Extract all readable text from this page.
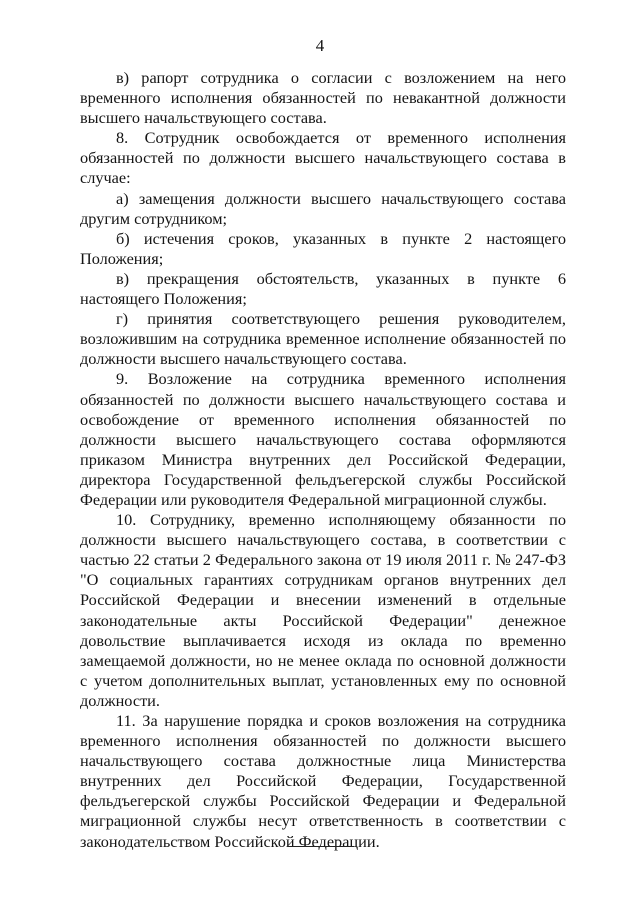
4

в) рапорт сотрудника о согласии с возложением на него временного исполнения обязанностей по невакантной должности высшего начальствующего состава.

8. Сотрудник освобождается от временного исполнения обязанностей по должности высшего начальствующего состава в случае:

а) замещения должности высшего начальствующего состава другим сотрудником;

б) истечения сроков, указанных в пункте 2 настоящего Положения;

в) прекращения обстоятельств, указанных в пункте 6 настоящего Положения;

г) принятия соответствующего решения руководителем, возложившим на сотрудника временное исполнение обязанностей по должности высшего начальствующего состава.

9. Возложение на сотрудника временного исполнения обязанностей по должности высшего начальствующего состава и освобождение от временного исполнения обязанностей по должности высшего начальствующего состава оформляются приказом Министра внутренних дел Российской Федерации, директора Государственной фельдъегерской службы Российской Федерации или руководителя Федеральной миграционной службы.

10. Сотруднику, временно исполняющему обязанности по должности высшего начальствующего состава, в соответствии с частью 22 статьи 2 Федерального закона от 19 июля 2011 г. № 247-ФЗ "О социальных гарантиях сотрудникам органов внутренних дел Российской Федерации и внесении изменений в отдельные законодательные акты Российской Федерации" денежное довольствие выплачивается исходя из оклада по временно замещаемой должности, но не менее оклада по основной должности с учетом дополнительных выплат, установленных ему по основной должности.

11. За нарушение порядка и сроков возложения на сотрудника временного исполнения обязанностей по должности высшего начальствующего состава должностные лица Министерства внутренних дел Российской Федерации, Государственной фельдъегерской службы Российской Федерации и Федеральной миграционной службы несут ответственность в соответствии с законодательством Российской Федерации.
